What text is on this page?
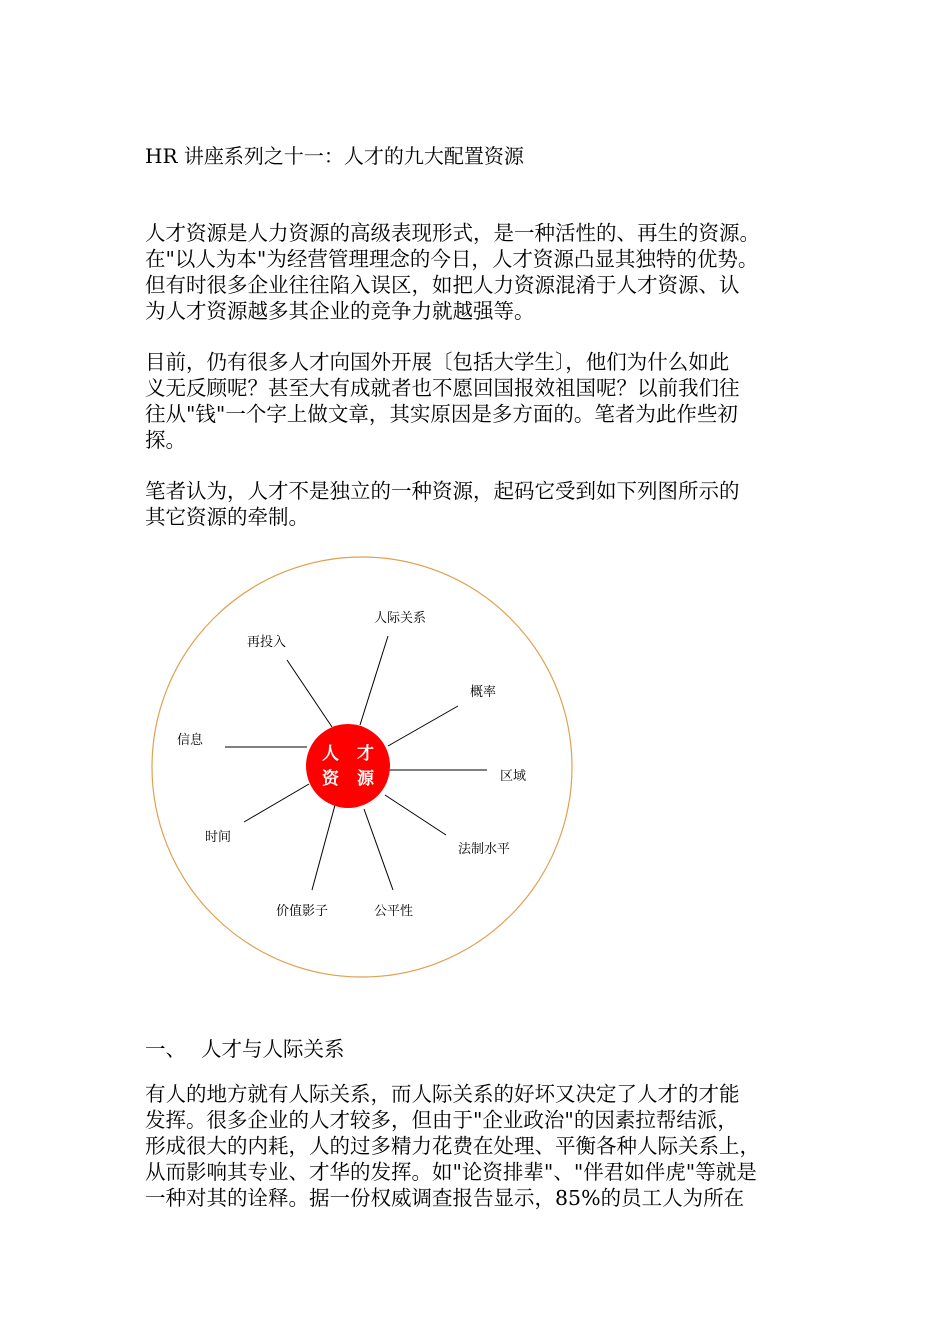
HR 讲座系列之十一：人才的九大配置资源
人才资源是人力资源的高级表现形式，是一种活性的、再生的资源。
在"以人为本"为经营管理理念的今日，人才资源凸显其独特的优势。
但有时很多企业往往陷入误区，如把人力资源混淆于人才资源、认
为人才资源越多其企业的竞争力就越强等。
目前，仍有很多人才向国外开展〔包括大学生〕，他们为什么如此
义无反顾呢？甚至大有成就者也不愿回国报效祖国呢？以前我们往
往从"钱"一个字上做文章，其实原因是多方面的。笔者为此作些初
探。
笔者认为，人才不是独立的一种资源，起码它受到如下列图所示的
其它资源的牵制。
人 才
资 源
人际关系
概率
区域
法制水平
公平性
价值影子
时间
信息
再投入
一、 人才与人际关系
有人的地方就有人际关系，而人际关系的好坏又决定了人才的才能
发挥。很多企业的人才较多，但由于"企业政治"的因素拉帮结派，
形成很大的内耗，人的过多精力花费在处理、平衡各种人际关系上，
从而影响其专业、才华的发挥。如"论资排辈"、"伴君如伴虎"等就是
一种对其的诠释。据一份权威调查报告显示，85%的员工人为所在
